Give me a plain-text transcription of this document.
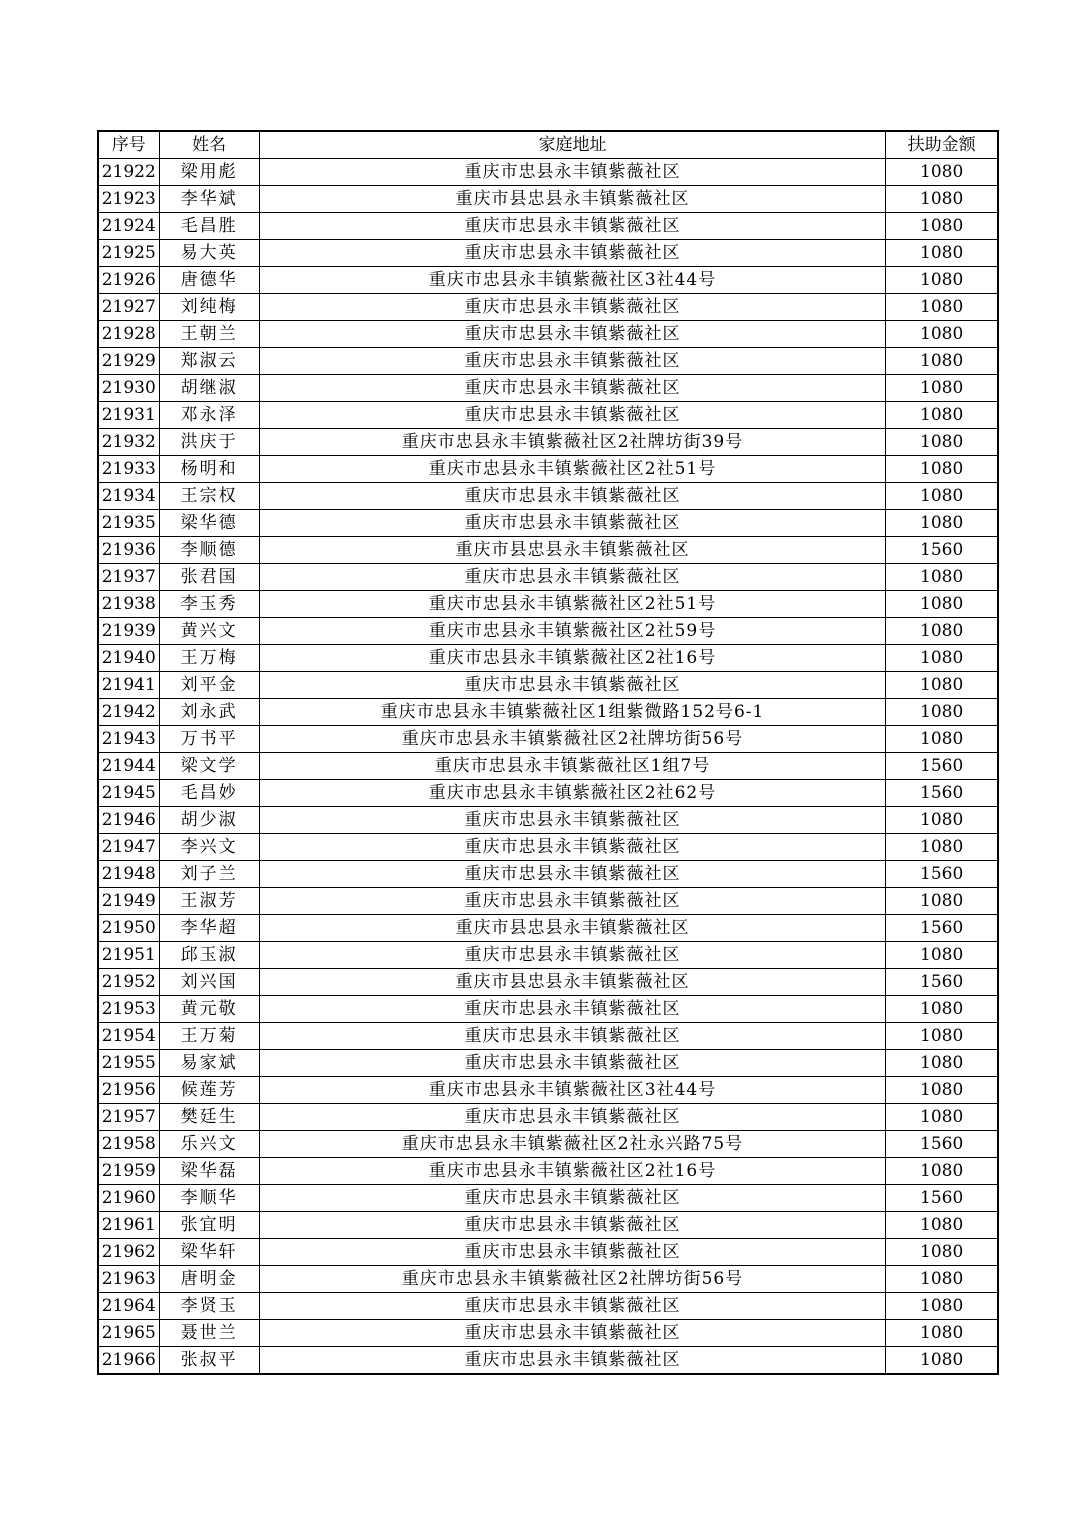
序号	姓名	家庭地址	扶助金额
21922	梁用彪	重庆市忠县永丰镇紫薇社区	1080
21923	李华斌	重庆市县忠县永丰镇紫薇社区	1080
21924	毛昌胜	重庆市忠县永丰镇紫薇社区	1080
21925	易大英	重庆市忠县永丰镇紫薇社区	1080
21926	唐德华	重庆市忠县永丰镇紫薇社区3社44号	1080
21927	刘纯梅	重庆市忠县永丰镇紫薇社区	1080
21928	王朝兰	重庆市忠县永丰镇紫薇社区	1080
21929	郑淑云	重庆市忠县永丰镇紫薇社区	1080
21930	胡继淑	重庆市忠县永丰镇紫薇社区	1080
21931	邓永泽	重庆市忠县永丰镇紫薇社区	1080
21932	洪庆于	重庆市忠县永丰镇紫薇社区2社牌坊街39号	1080
21933	杨明和	重庆市忠县永丰镇紫薇社区2社51号	1080
21934	王宗权	重庆市忠县永丰镇紫薇社区	1080
21935	梁华德	重庆市忠县永丰镇紫薇社区	1080
21936	李顺德	重庆市县忠县永丰镇紫薇社区	1560
21937	张君国	重庆市忠县永丰镇紫薇社区	1080
21938	李玉秀	重庆市忠县永丰镇紫薇社区2社51号	1080
21939	黄兴文	重庆市忠县永丰镇紫薇社区2社59号	1080
21940	王万梅	重庆市忠县永丰镇紫薇社区2社16号	1080
21941	刘平金	重庆市忠县永丰镇紫薇社区	1080
21942	刘永武	重庆市忠县永丰镇紫薇社区1组紫微路152号6-1	1080
21943	万书平	重庆市忠县永丰镇紫薇社区2社牌坊街56号	1080
21944	梁文学	重庆市忠县永丰镇紫薇社区1组7号	1560
21945	毛昌妙	重庆市忠县永丰镇紫薇社区2社62号	1560
21946	胡少淑	重庆市忠县永丰镇紫薇社区	1080
21947	李兴文	重庆市忠县永丰镇紫薇社区	1080
21948	刘子兰	重庆市忠县永丰镇紫薇社区	1560
21949	王淑芳	重庆市忠县永丰镇紫薇社区	1080
21950	李华超	重庆市县忠县永丰镇紫薇社区	1560
21951	邱玉淑	重庆市忠县永丰镇紫薇社区	1080
21952	刘兴国	重庆市县忠县永丰镇紫薇社区	1560
21953	黄元敬	重庆市忠县永丰镇紫薇社区	1080
21954	王万菊	重庆市忠县永丰镇紫薇社区	1080
21955	易家斌	重庆市忠县永丰镇紫薇社区	1080
21956	候莲芳	重庆市忠县永丰镇紫薇社区3社44号	1080
21957	樊廷生	重庆市忠县永丰镇紫薇社区	1080
21958	乐兴文	重庆市忠县永丰镇紫薇社区2社永兴路75号	1560
21959	梁华磊	重庆市忠县永丰镇紫薇社区2社16号	1080
21960	李顺华	重庆市忠县永丰镇紫薇社区	1560
21961	张宜明	重庆市忠县永丰镇紫薇社区	1080
21962	梁华轩	重庆市忠县永丰镇紫薇社区	1080
21963	唐明金	重庆市忠县永丰镇紫薇社区2社牌坊街56号	1080
21964	李贤玉	重庆市忠县永丰镇紫薇社区	1080
21965	聂世兰	重庆市忠县永丰镇紫薇社区	1080
21966	张叔平	重庆市忠县永丰镇紫薇社区	1080
